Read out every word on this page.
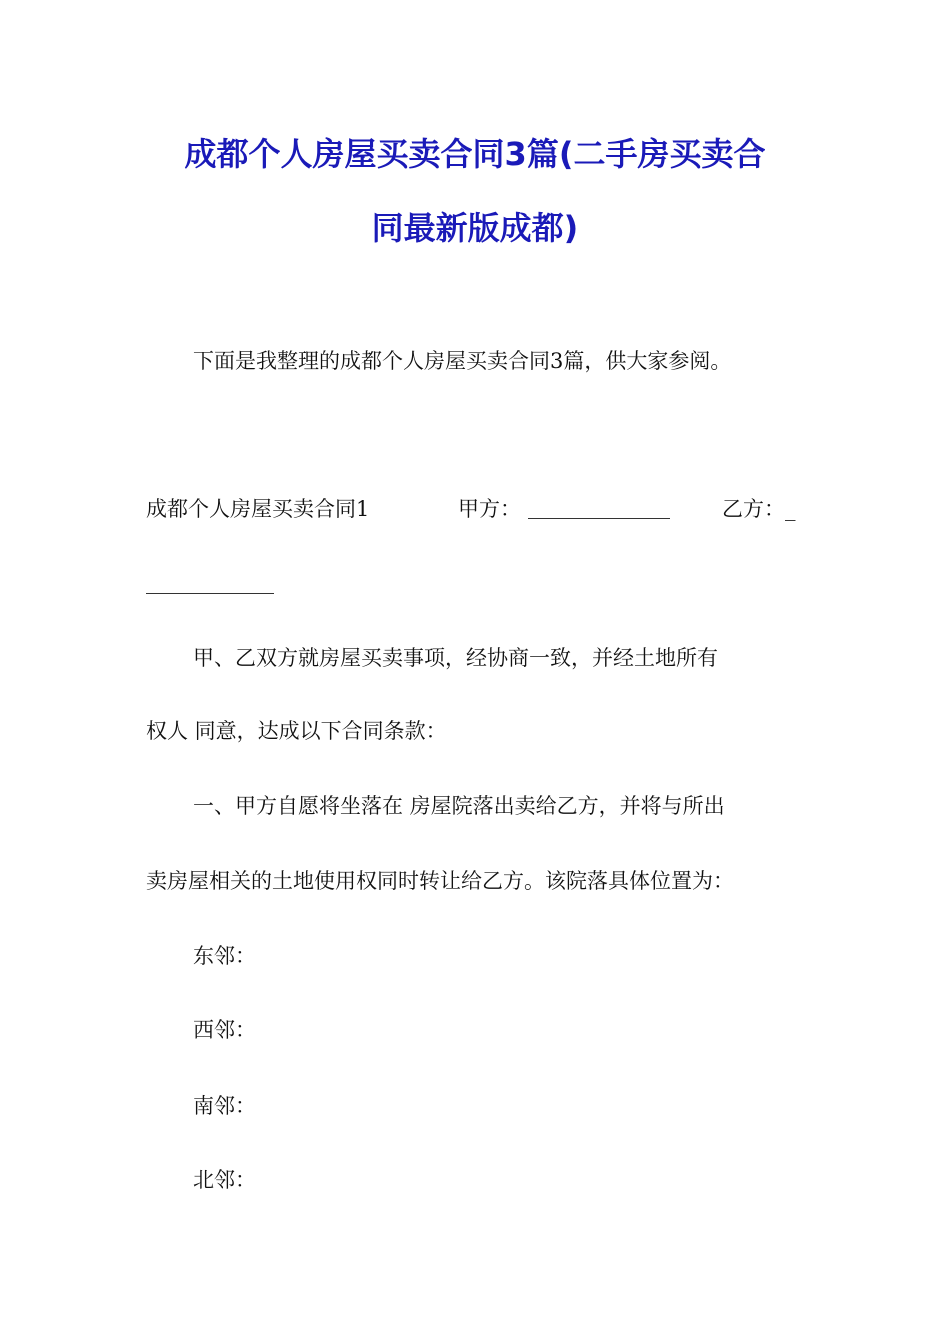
成都个人房屋买卖合同3篇(二手房买卖合
同最新版成都)

下面是我整理的成都个人房屋买卖合同3篇，供大家参阅。

成都个人房屋买卖合同1	甲方：	乙方：_

甲、乙双方就房屋买卖事项，经协商一致，并经土地所有

权人 同意，达成以下合同条款：

一、甲方自愿将坐落在 房屋院落出卖给乙方，并将与所出

卖房屋相关的土地使用权同时转让给乙方。该院落具体位置为：

东邻：

西邻：

南邻：

北邻：
